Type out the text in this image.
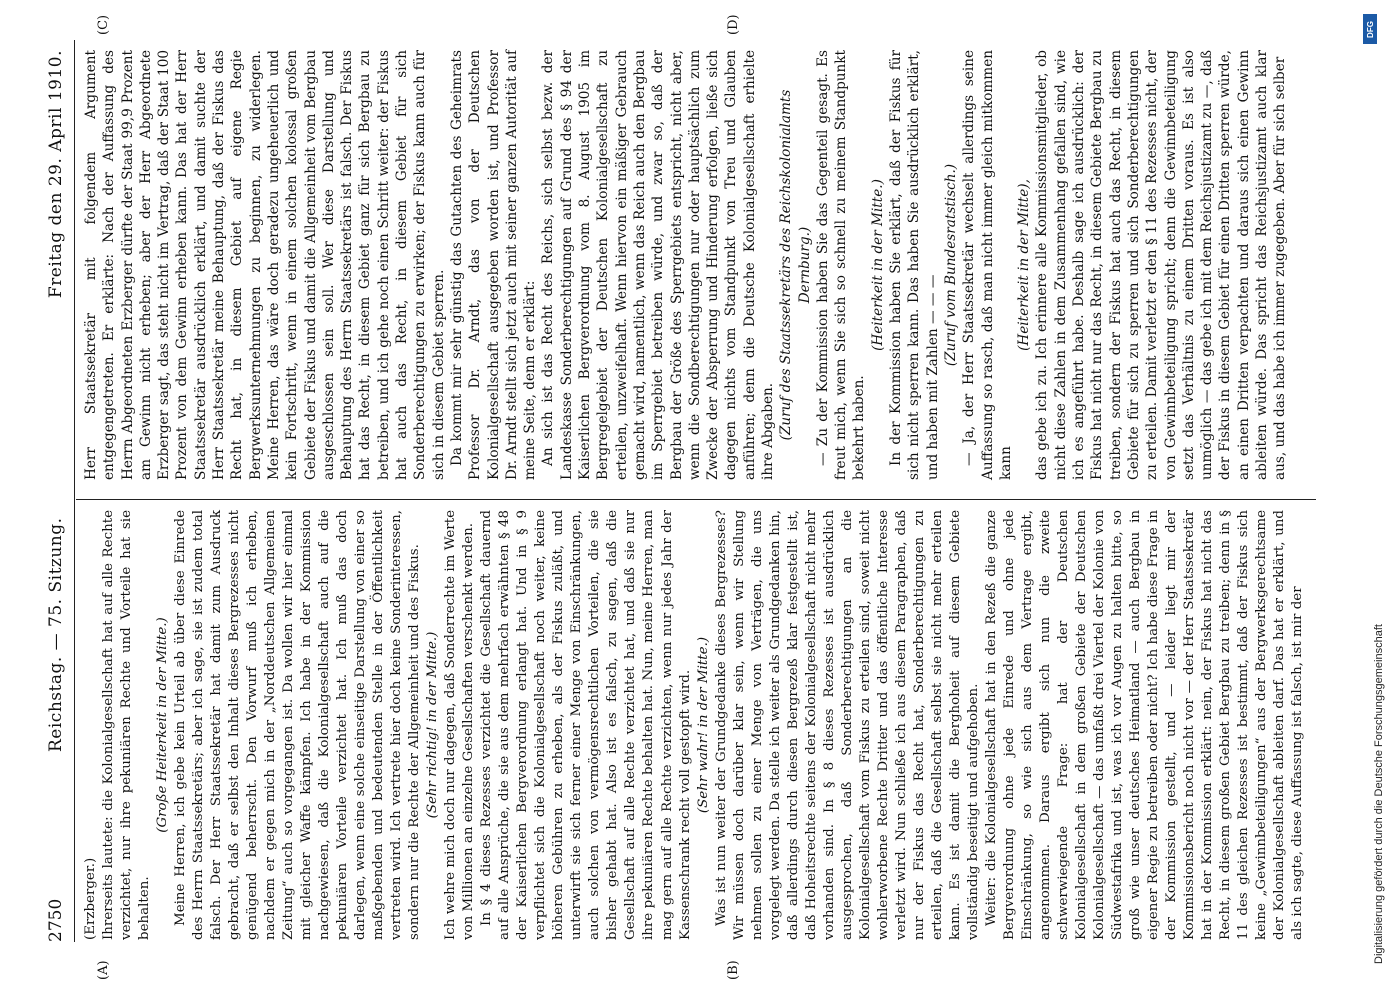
2750
Reichstag. — 75. Sitzung.
Freitag den 29. April 1910.
(A)	(B)
(C)	(D)

(Erzberger.) Ihrerseits lautete: die Kolonialgesellschaft hat auf alle Rechte verzichtet, nur ihre pekuniären Rechte und Vorteile hat sie behalten.

(Große Heiterkeit in der Mitte.) Meine Herren, ich gebe kein Urteil ab über diese Einrede des Herrn Staatssekretärs; aber ich sage, sie ist zudem total falsch. Der Herr Staatssekretär hat damit zum Ausdruck gebracht, daß er selbst den Inhalt dieses Bergrezesses nicht genügend beherrscht. Den Vorwurf muß ich erheben, nachdem er gegen mich in der „Norddeutschen Allgemeinen Zeitung“ auch so vorgegangen ist. Da wollen wir hier einmal mit gleicher Waffe kämpfen. Ich habe in der Kommission nachgewiesen, daß die Kolonialgesellschaft auch auf die pekuniären Vorteile verzichtet hat. Ich muß das doch darlegen, wenn eine solche einseitige Darstellung von einer so maßgebenden und bedeutenden Stelle in der Öffentlichkeit vertreten wird. Ich vertrete hier doch keine Sonderinteressen, sondern nur die Rechte der Allgemeinheit und des Fiskus. (Sehr richtig! in der Mitte.) Ich wehre mich doch nur dagegen, daß Sonderrechte im Werte von Millionen an einzelne Gesellschaften verschenkt werden. In § 4 dieses Rezesses verzichtet die Gesellschaft dauernd auf alle Ansprüche, die sie aus dem mehrfach erwähnten § 48 der Kaiserlichen Bergverordnung erlangt hat. Und in § 9 verpflichtet sich die Kolonialgesellschaft noch weiter, keine höheren Gebühren zu erheben, als der Fiskus zuläßt, und unterwirft sie sich ferner einer Menge von Einschränkungen, auch solchen von vermögensrechtlichen Vorteilen, die sie bisher gehabt hat. Also ist es falsch, zu sagen, daß die Gesellschaft auf alle Rechte verzichtet hat, und daß sie nur ihre pekuniären Rechte behalten hat. Nun, meine Herren, man mag gern auf alle Rechte verzichten, wenn nur jedes Jahr der Kassenschrank recht voll gestopft wird. (Sehr wahr! in der Mitte.) Was ist nun weiter der Grundgedanke dieses Bergrezesses? Wir müssen doch darüber klar sein, wenn wir Stellung nehmen sollen zu einer Menge von Verträgen, die uns vorgelegt werden. Da stelle ich weiter als Grundgedanken hin, daß allerdings durch diesen Bergrezeß klar festgestellt ist, daß Hoheitsrechte seitens der Kolonialgesellschaft nicht mehr vorhanden sind. In § 8 dieses Rezesses ist ausdrücklich ausgesprochen, daß Sonderberechtigungen an die Kolonialgesellschaft vom Fiskus zu erteilen sind, soweit nicht wohlerworbene Rechte Dritter und das öffentliche Interesse verletzt wird. Nun schließe ich aus diesem Paragraphen, daß nur der Fiskus das Recht hat, Sonderberechtigungen zu erteilen, daß die Gesellschaft selbst sie nicht mehr erteilen kann. Es ist damit die Berghoheit auf diesem Gebiete vollständig beseitigt und aufgehoben. Weiter: die Kolonialgesellschaft hat in den Rezeß die ganze Bergverordnung ohne jede Einrede und ohne jede Einschränkung, so wie sich aus dem Vertrage ergibt, angenommen. Daraus ergibt sich nun die zweite schwerwiegende Frage: hat der Deutschen Kolonialgesellschaft in dem großen Gebiete der Deutschen Kolonialgesellschaft — das umfaßt drei Viertel der Kolonie von Südwestafrika und ist, was ich vor Augen zu halten bitte, so groß wie unser deutsches Heimatland — auch Bergbau in eigener Regie zu betreiben oder nicht? Ich habe diese Frage in der Kommission gestellt, und — leider liegt mir der Kommissionsbericht noch nicht vor — der Herr Staatssekretär hat in der Kommission erklärt: nein, der Fiskus hat nicht das Recht, in diesem großen Gebiet Bergbau zu treiben; denn in § 11 des gleichen Rezesses ist bestimmt, daß der Fiskus sich keine „Gewinnbeteiligungen“ aus der Bergwerksgerechtsame der Kolonialgesellschaft ableiten darf. Das hat er erklärt, und als ich sagte, diese Auffassung ist falsch, ist mir der

Herr Staatssekretär mit folgendem Argument entgegengetreten. Er erklärte: Nach der Auffassung des Herrn Abgeordneten Erzberger dürfte der Staat 99,9 Prozent am Gewinn nicht erheben; aber der Herr Abgeordnete Erzberger sagt, das steht nicht im Vertrag, daß der Staat 100 Prozent von dem Gewinn erheben kann. Das hat der Herr Staatssekretär ausdrücklich erklärt, und damit suchte der Herr Staatssekretär meine Behauptung, daß der Fiskus das Recht hat, in diesem Gebiet auf eigene Regie Bergwerksunternehmungen zu beginnen, zu widerlegen. Meine Herren, das wäre doch geradezu ungeheuerlich und kein Fortschritt, wenn in einem solchen kolossal großen Gebiete der Fiskus und damit die Allgemeinheit vom Bergbau ausgeschlossen sein soll. Wer diese Darstellung und Behauptung des Herrn Staatssekretärs ist falsch. Der Fiskus hat das Recht, in diesem Gebiet ganz für sich Bergbau zu betreiben, und ich gehe noch einen Schritt weiter: der Fiskus hat auch das Recht, in diesem Gebiet für sich Sonderberechtigungen zu erwirken; der Fiskus kann auch für sich in diesem Gebiet sperren. Da kommt mir sehr günstig das Gutachten des Geheimrats Professor Dr. Arndt, das von der Deutschen Kolonialgesellschaft ausgegeben worden ist, und Professor Dr. Arndt stellt sich jetzt auch mit seiner ganzen Autorität auf meine Seite, denn er erklärt: An sich ist das Recht des Reichs, sich selbst bezw. der Landeskasse Sonderberechtigungen auf Grund des § 94 der Kaiserlichen Bergverordnung vom 8. August 1905 im Bergregelgebiet der Deutschen Kolonialgesellschaft zu erteilen, unzweifelhaft. Wenn hiervon ein mäßiger Gebrauch gemacht wird, namentlich, wenn das Reich auch den Bergbau im Sperrgebiet betreiben würde, und zwar so, daß der Bergbau der Größe des Sperrgebiets entspricht, nicht aber, wenn die Sondberechtigungen nur oder hauptsächlich zum Zwecke der Absperrung und Hinderung erfolgen, ließe sich dagegen nichts vom Standpunkt von Treu und Glauben anführen; denn die Deutsche Kolonialgesellschaft erhielte ihre Abgaben. (Zuruf des Staatssekretärs des Reichskolonialamts Dernburg.) — Zu der Kommission haben Sie das Gegenteil gesagt. Es freut mich, wenn Sie sich so schnell zu meinem Standpunkt bekehrt haben.

(Heiterkeit in der Mitte.) In der Kommission haben Sie erklärt, daß der Fiskus für sich nicht sperren kann. Das haben Sie ausdrücklich erklärt, und haben mit Zahlen — — —

(Zuruf vom Bundesratstisch.) — Ja, der Herr Staatssekretär wechselt allerdings seine Auffassung so rasch, daß man nicht immer gleich mitkommen kann

(Heiterkeit in der Mitte), das gebe ich zu. Ich erinnere alle Kommissionsmitglieder, ob nicht diese Zahlen in dem Zusammenhang gefallen sind, wie ich es angeführt habe. Deshalb sage ich ausdrücklich: der Fiskus hat nicht nur das Recht, in diesem Gebiete Bergbau zu treiben, sondern der Fiskus hat auch das Recht, in diesem Gebiete für sich zu sperren und sich Sonderberechtigungen zu erteilen. Damit verletzt er den § 11 des Rezesses nicht, der von Gewinnbeteiligung spricht; denn die Gewinnbeteiligung setzt das Verhältnis zu einem Dritten voraus. Es ist also unmöglich — das gebe ich mit dem Reichsjustizamt zu —, daß der Fiskus in diesem Gebiet für einen Dritten sperren würde, an einen Dritten verpachten und daraus sich einen Gewinn ableiten würde. Das spricht das Reichsjustizamt auch klar aus, und das habe ich immer zugegeben. Aber für sich selber

DFG
Digitalisierung gefördert durch die Deutsche Forschungsgemeinschaft
